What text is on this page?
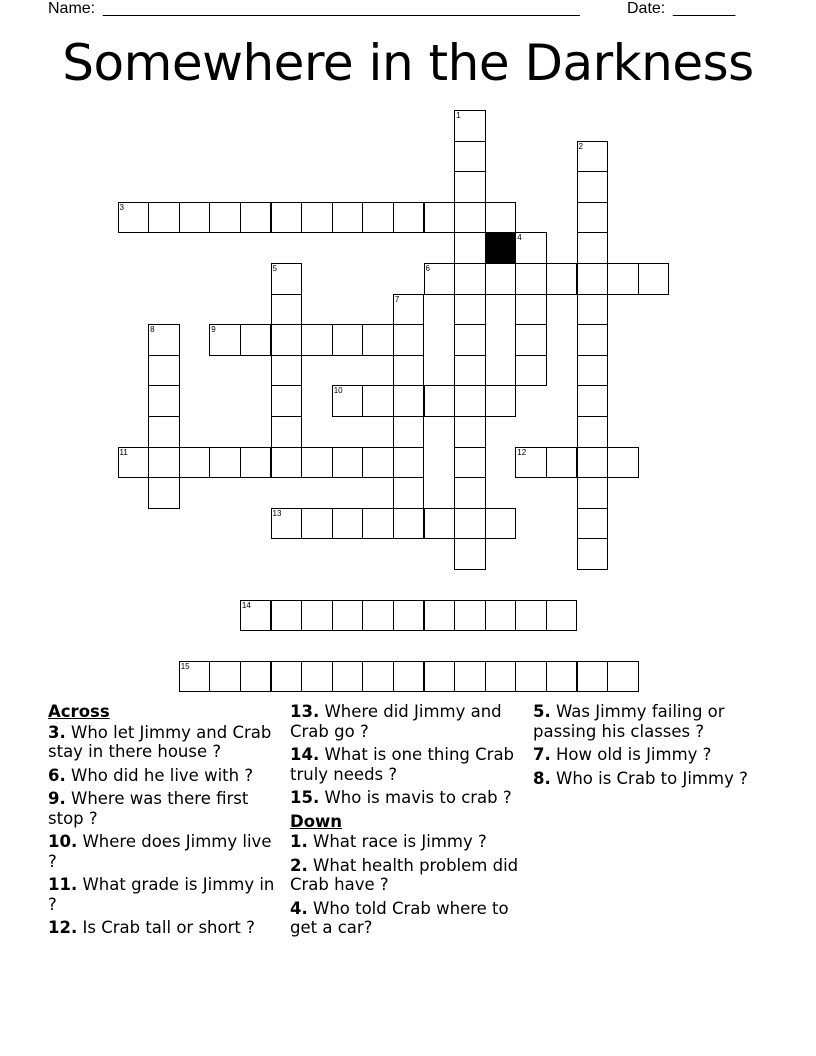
Name: _____________________________________________________	Date: _______
Somewhere in the Darkness
1
2
3
4
5	6
7
8	9
10
11	12
13
14
15
Across
3. Who let Jimmy and Crab stay in there house ?
6. Who did he live with ?
9. Where was there first stop ?
10. Where does Jimmy live ?
11. What grade is Jimmy in ?
12. Is Crab tall or short ?
13. Where did Jimmy and Crab go ?
14. What is one thing Crab truly needs ?
15. Who is mavis to crab ?
Down
1. What race is Jimmy ?
2. What health problem did Crab have ?
4. Who told Crab where to get a car?
5. Was Jimmy failing or passing his classes ?
7. How old is Jimmy ?
8. Who is Crab to Jimmy ?
